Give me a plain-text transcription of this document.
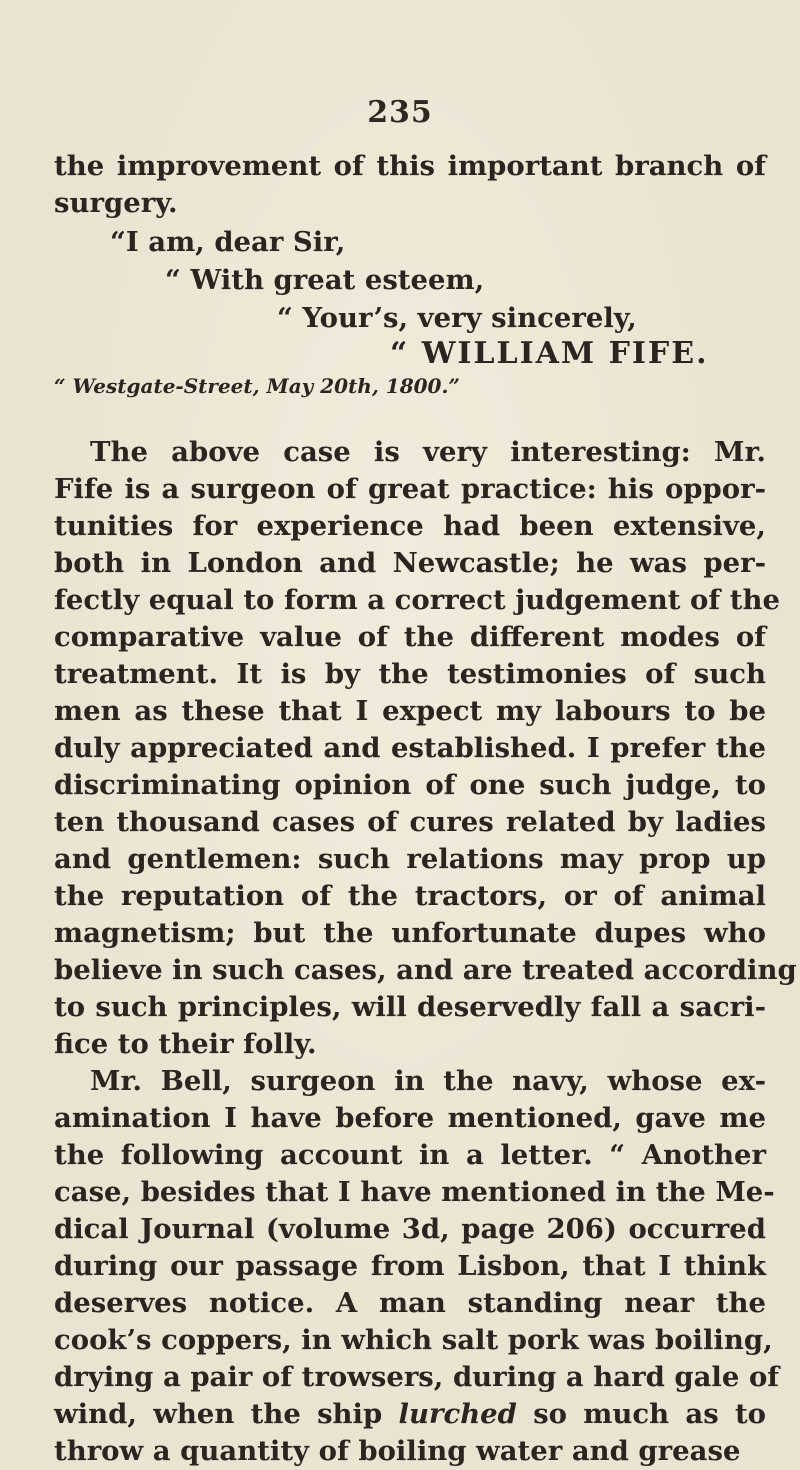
235
the improvement of this important branch of
surgery.
“I am, dear Sir,
“ With great esteem,
“ Your’s, very sincerely,
“ WILLIAM FIFE.
“ Westgate-Street, May 20th, 1800.”
The above case is very interesting: Mr.
Fife is a surgeon of great practice: his oppor-
tunities for experience had been extensive,
both in London and Newcastle; he was per-
fectly equal to form a correct judgement of the
comparative value of the different modes of
treatment. It is by the testimonies of such
men as these that I expect my labours to be
duly appreciated and established. I prefer the
discriminating opinion of one such judge, to
ten thousand cases of cures related by ladies
and gentlemen: such relations may prop up
the reputation of the tractors, or of animal
magnetism; but the unfortunate dupes who
believe in such cases, and are treated according
to such principles, will deservedly fall a sacri-
fice to their folly.
Mr. Bell, surgeon in the navy, whose ex-
amination I have before mentioned, gave me
the following account in a letter. “ Another
case, besides that I have mentioned in the Me-
dical Journal (volume 3d, page 206) occurred
during our passage from Lisbon, that I think
deserves notice. A man standing near the
cook’s coppers, in which salt pork was boiling,
drying a pair of trowsers, during a hard gale of
wind, when the ship lurched so much as to
throw a quantity of boiling water and grease
